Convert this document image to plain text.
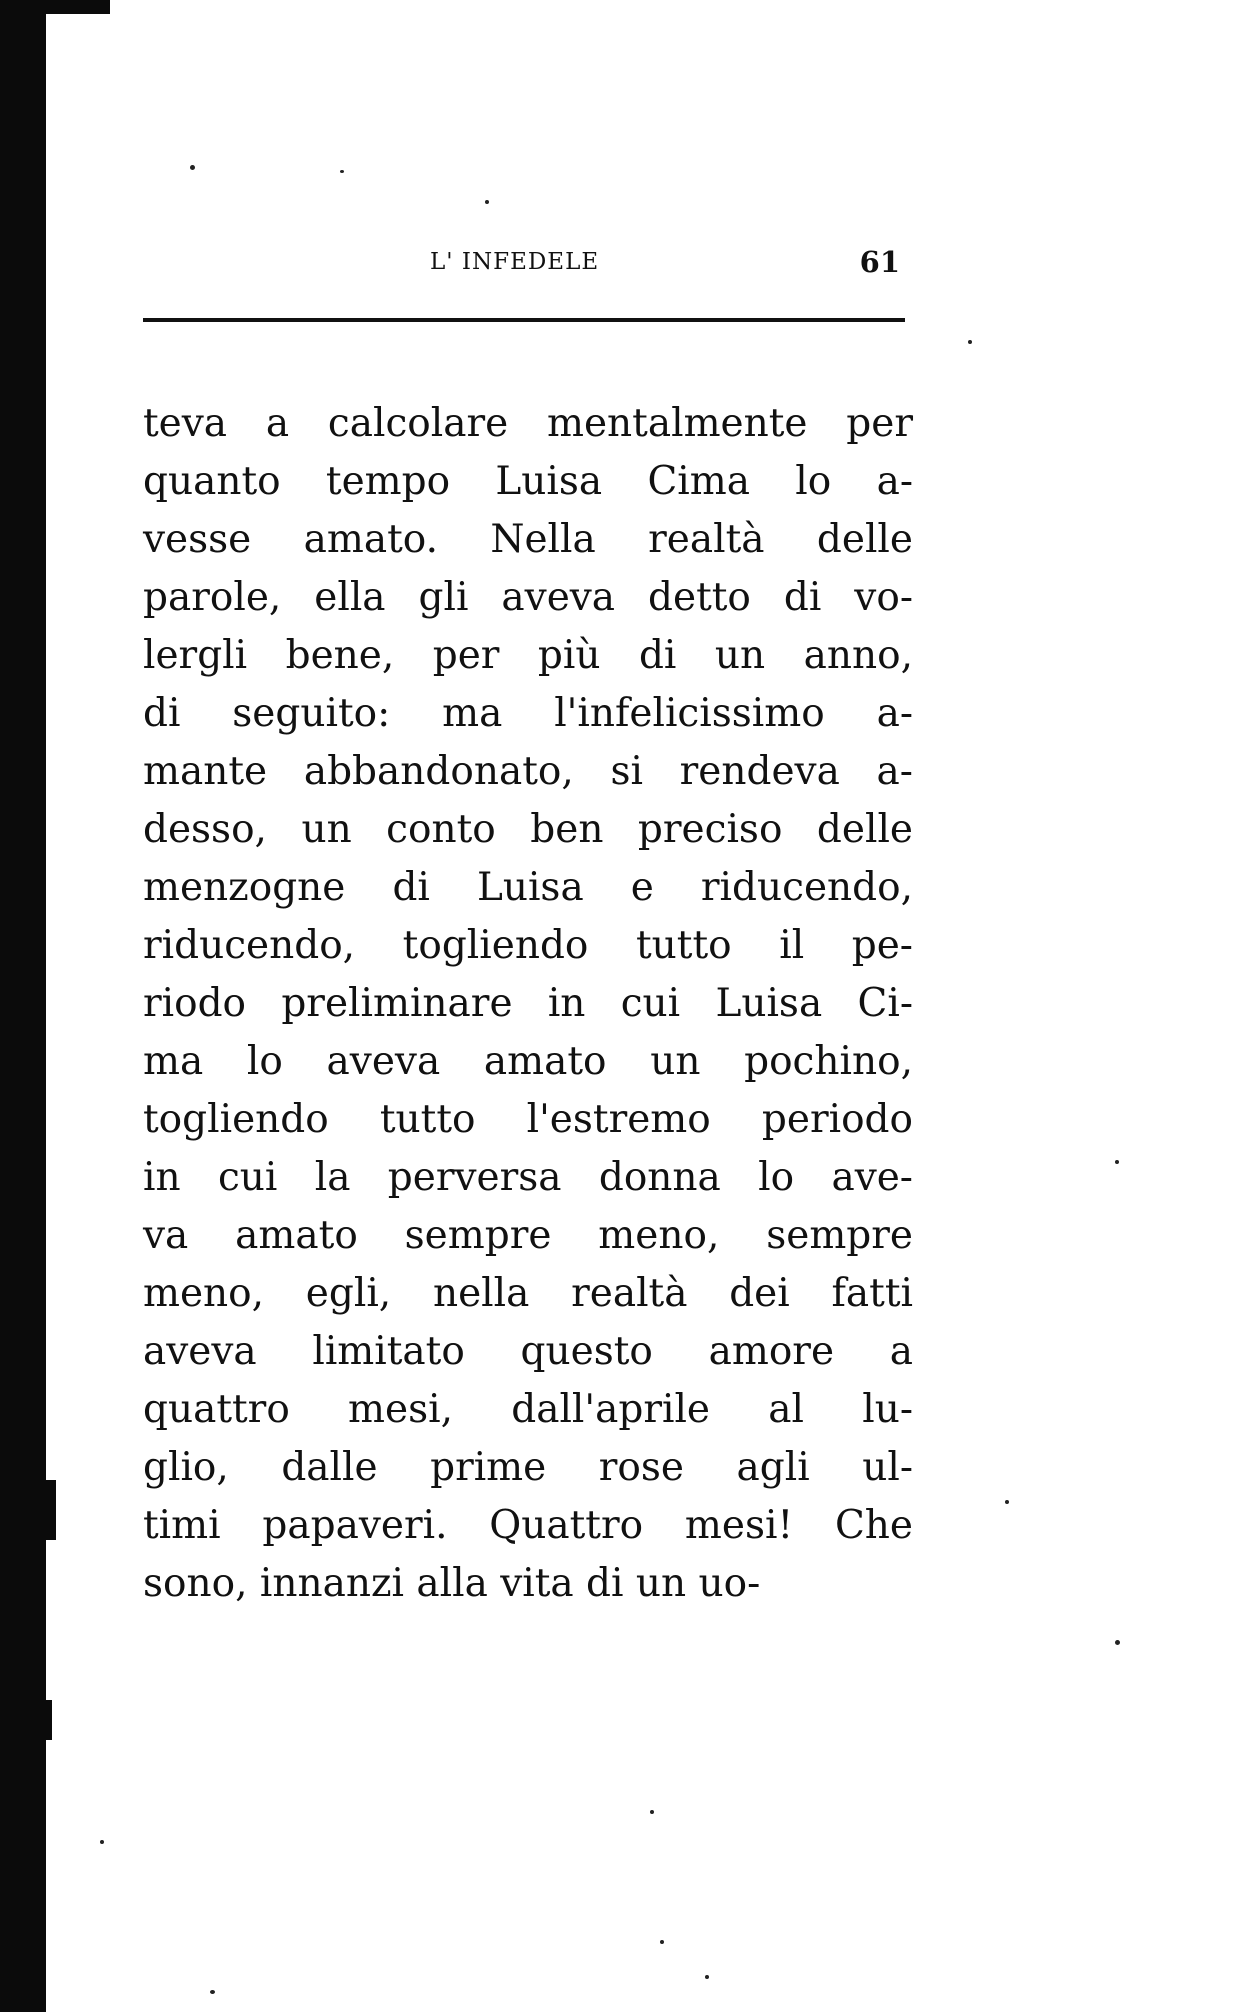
L' INFEDELE	61
teva a calcolare mentalmente per
quanto tempo Luisa Cima lo a-
vesse amato. Nella realtà delle
parole, ella gli aveva detto di vo-
lergli bene, per più di un anno,
di seguito: ma l'infelicissimo a-
mante abbandonato, si rendeva a-
desso, un conto ben preciso delle
menzogne di Luisa e riducendo,
riducendo, togliendo tutto il pe-
riodo preliminare in cui Luisa Ci-
ma lo aveva amato un pochino,
togliendo tutto l'estremo periodo
in cui la perversa donna lo ave-
va amato sempre meno, sempre
meno, egli, nella realtà dei fatti
aveva limitato questo amore a
quattro mesi, dall'aprile al lu-
glio, dalle prime rose agli ul-
timi papaveri. Quattro mesi! Che
sono, innanzi alla vita di un uo-
